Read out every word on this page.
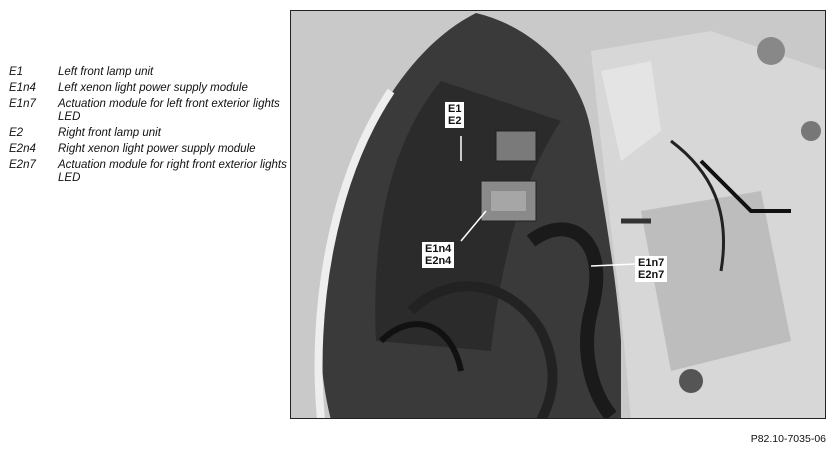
E1	Left front lamp unit
E1n4	Left xenon light power supply module
E1n7	Actuation module for left front exterior lights LED
E2	Right front lamp unit
E2n4	Right xenon light power supply module
E2n7	Actuation module for right front exterior lights LED
E1
E2
E1n4
E2n4	E1n7
E2n7
P82.10-7035-06
